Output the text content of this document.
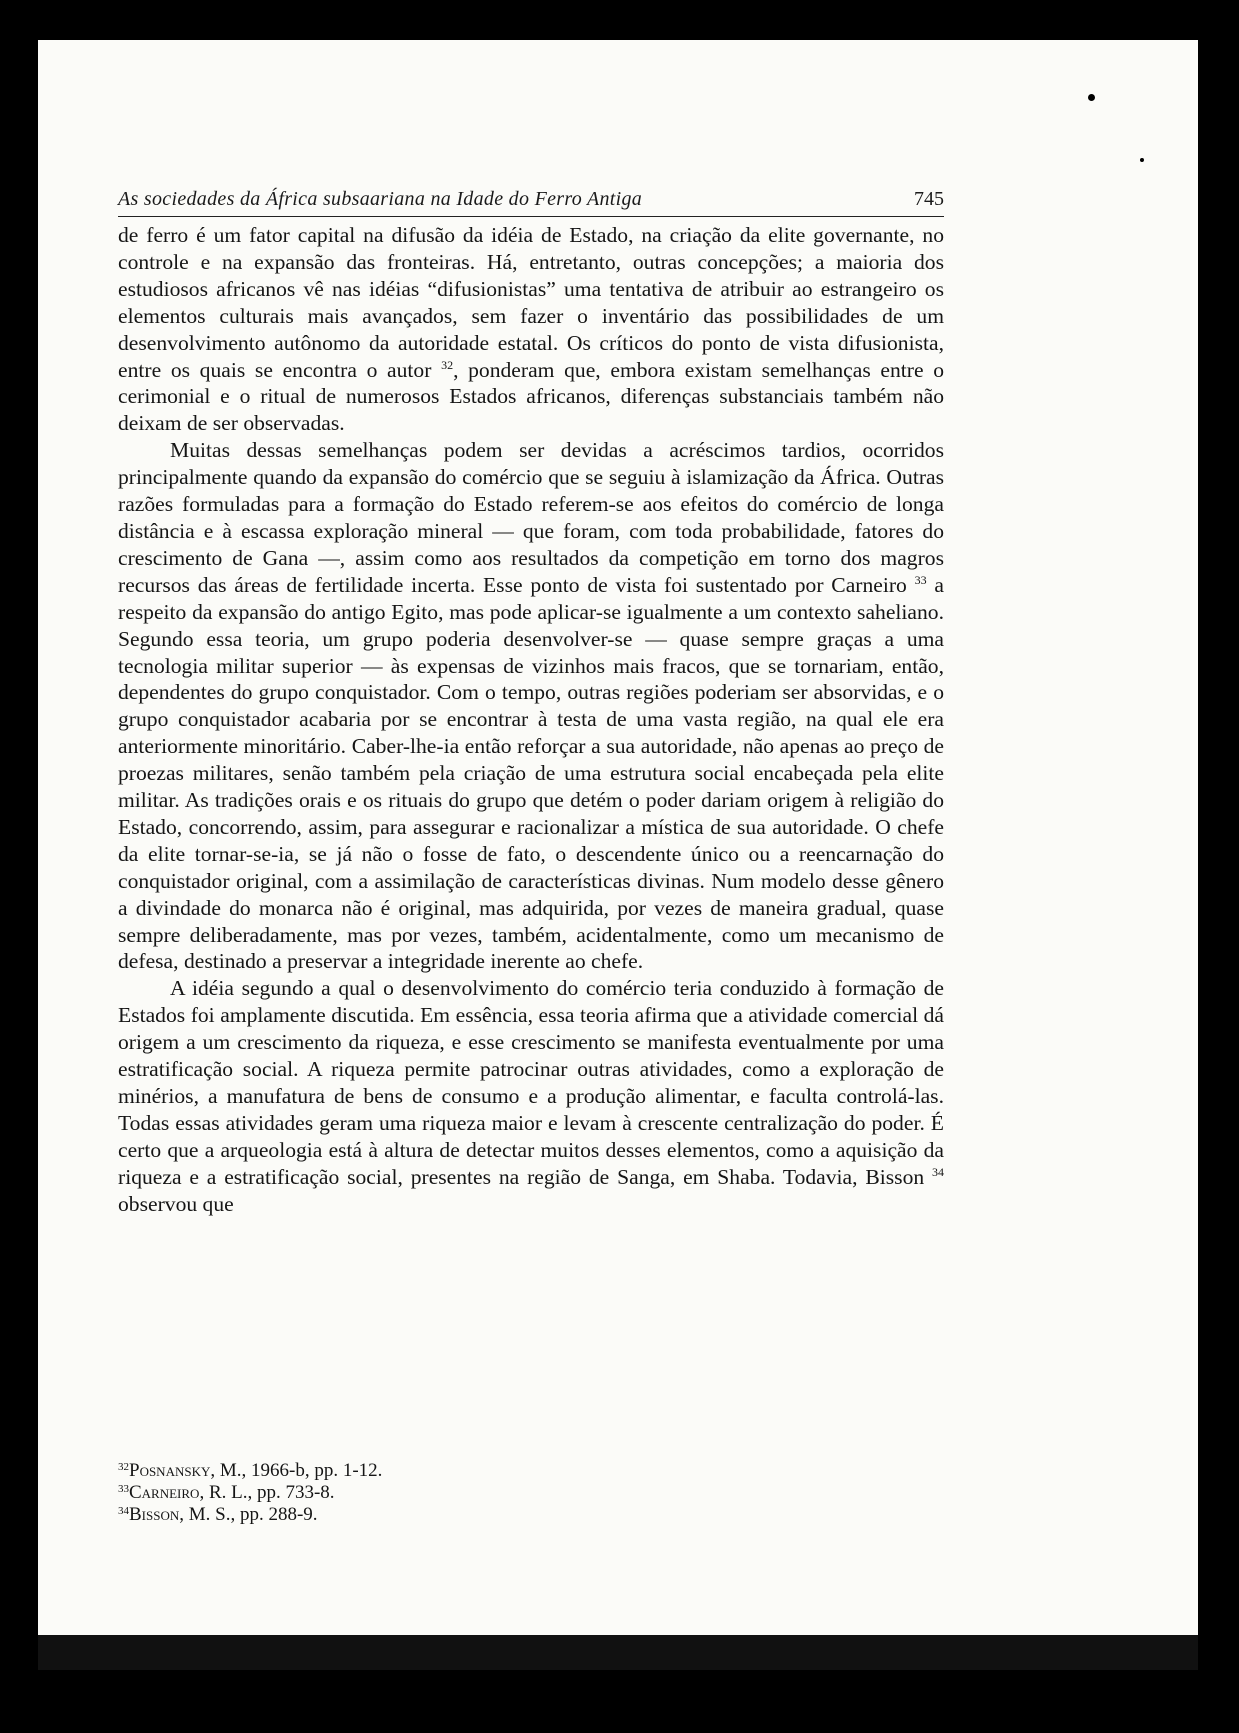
As sociedades da África subsaariana na Idade do Ferro Antiga	745

de ferro é um fator capital na difusão da idéia de Estado, na criação da elite governante, no controle e na expansão das fronteiras. Há, entretanto, outras concepções; a maioria dos estudiosos africanos vê nas idéias “difusionistas” uma tentativa de atribuir ao estrangeiro os elementos culturais mais avançados, sem fazer o inventário das possibilidades de um desenvolvimento autônomo da autoridade estatal. Os críticos do ponto de vista difusionista, entre os quais se encontra o autor $^{32}$, ponderam que, embora existam semelhanças entre o cerimonial e o ritual de numerosos Estados africanos, diferenças substanciais também não deixam de ser observadas.

Muitas dessas semelhanças podem ser devidas a acréscimos tardios, ocorridos principalmente quando da expansão do comércio que se seguiu à islamização da África. Outras razões formuladas para a formação do Estado referem-se aos efeitos do comércio de longa distância e à escassa exploração mineral — que foram, com toda probabilidade, fatores do crescimento de Gana —, assim como aos resultados da competição em torno dos magros recursos das áreas de fertilidade incerta. Esse ponto de vista foi sustentado por Carneiro $^{33}$ a respeito da expansão do antigo Egito, mas pode aplicar-se igualmente a um contexto saheliano. Segundo essa teoria, um grupo poderia desenvolver-se — quase sempre graças a uma tecnologia militar superior — às expensas de vizinhos mais fracos, que se tornariam, então, dependentes do grupo conquistador. Com o tempo, outras regiões poderiam ser absorvidas, e o grupo conquistador acabaria por se encontrar à testa de uma vasta região, na qual ele era anteriormente minoritário. Caber-lhe-ia então reforçar a sua autoridade, não apenas ao preço de proezas militares, senão também pela criação de uma estrutura social encabeçada pela elite militar. As tradições orais e os rituais do grupo que detém o poder dariam origem à religião do Estado, concorrendo, assim, para assegurar e racionalizar a mística de sua autoridade. O chefe da elite tornar-se-ia, se já não o fosse de fato, o descendente único ou a reencarnação do conquistador original, com a assimilação de características divinas. Num modelo desse gênero a divindade do monarca não é original, mas adquirida, por vezes de maneira gradual, quase sempre deliberadamente, mas por vezes, também, acidentalmente, como um mecanismo de defesa, destinado a preservar a integridade inerente ao chefe.

A idéia segundo a qual o desenvolvimento do comércio teria conduzido à formação de Estados foi amplamente discutida. Em essência, essa teoria afirma que a atividade comercial dá origem a um crescimento da riqueza, e esse crescimento se manifesta eventualmente por uma estratificação social. A riqueza permite patrocinar outras atividades, como a exploração de minérios, a manufatura de bens de consumo e a produção alimentar, e faculta controlá-las. Todas essas atividades geram uma riqueza maior e levam à crescente centralização do poder. É certo que a arqueologia está à altura de detectar muitos desses elementos, como a aquisição da riqueza e a estratificação social, presentes na região de Sanga, em Shaba. Todavia, Bisson $^{34}$ observou que

$^{32}$Posnansky, M., 1966-b, pp. 1-12.

$^{33}$Carneiro, R. L., pp. 733-8.

$^{34}$Bisson, M. S., pp. 288-9.
